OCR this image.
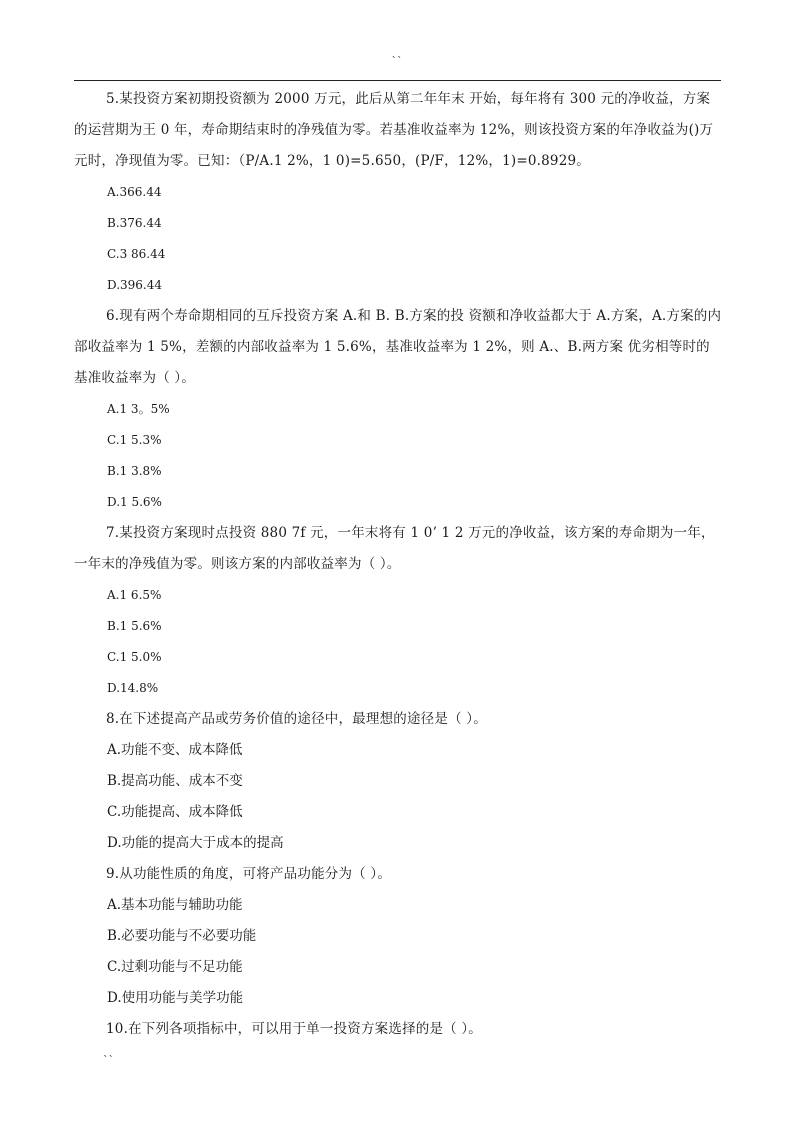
``

5.某投资方案初期投资额为 2000 万元，此后从第二年年末 开始，每年将有 300 元的净收益，方案的运营期为王 0 年，寿命期结束时的净残值为零。若基准收益率为 12%，则该投资方案的年净收益为()万元时，净现值为零。已知：（P/A.1 2%，1 0)=5.650，(P/F，12%，1)=0.8929。

A.366.44

B.376.44

C.3 86.44

D.396.44

6.现有两个寿命期相同的互斥投资方案 A.和 B. B.方案的投 资额和净收益都大于 A.方案，A.方案的内部收益率为 1 5%，差额的内部收益率为 1 5.6%，基准收益率为 1 2%，则 A.、B.两方案 优劣相等时的基准收益率为（ ）。

A.1 3。5%

C.1 5.3%

B.1 3.8%

D.1 5.6%

7.某投资方案现时点投资 880 7f 元，一年末将有 1 0’ 1 2 万元的净收益，该方案的寿命期为一年，一年末的净残值为零。则该方案的内部收益率为（ ）。

A.1 6.5%

B.1 5.6%

C.1 5.0%

D.14.8%

8.在下述提高产品或劳务价值的途径中，最理想的途径是（ ）。

A.功能不变、成本降低

B.提高功能、成本不变

C.功能提高、成本降低

D.功能的提高大于成本的提高

9.从功能性质的角度，可将产品功能分为（ ）。

A.基本功能与辅助功能

B.必要功能与不必要功能

C.过剩功能与不足功能

D.使用功能与美学功能

10.在下列各项指标中，可以用于单一投资方案选择的是（ ）。

``
